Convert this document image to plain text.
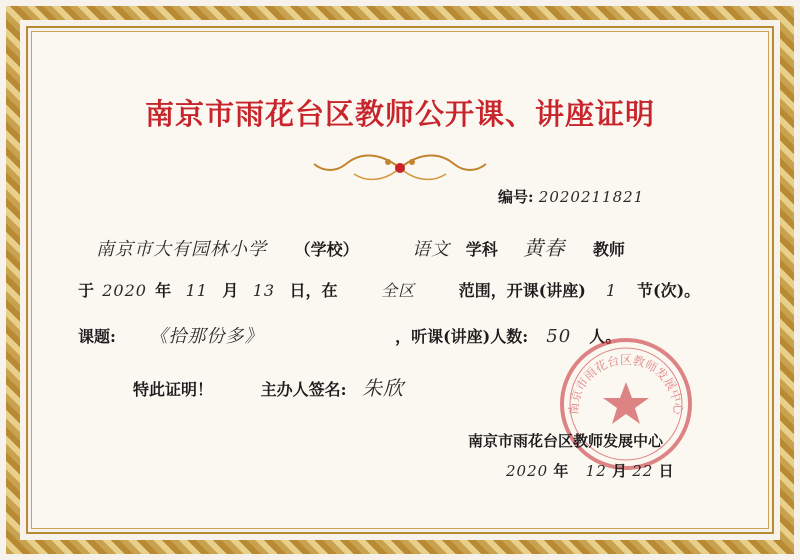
南京市雨花台区教师公开课、讲座证明
编号: 2020211821
南京市大有园林小学 （学校）	语文 学科 黄春 教师
于 2020 年 11 月 13 日，在	全区	范围，开课(讲座) 1 节(次)。
课题: 《拾那份多》	，听课(讲座)人数: 50 人。
特此证明！	主办人签名: 朱欣
南京市雨花台区教师发展中心
南京市雨花台区教师发展中心
2020 年 12 月 22 日
